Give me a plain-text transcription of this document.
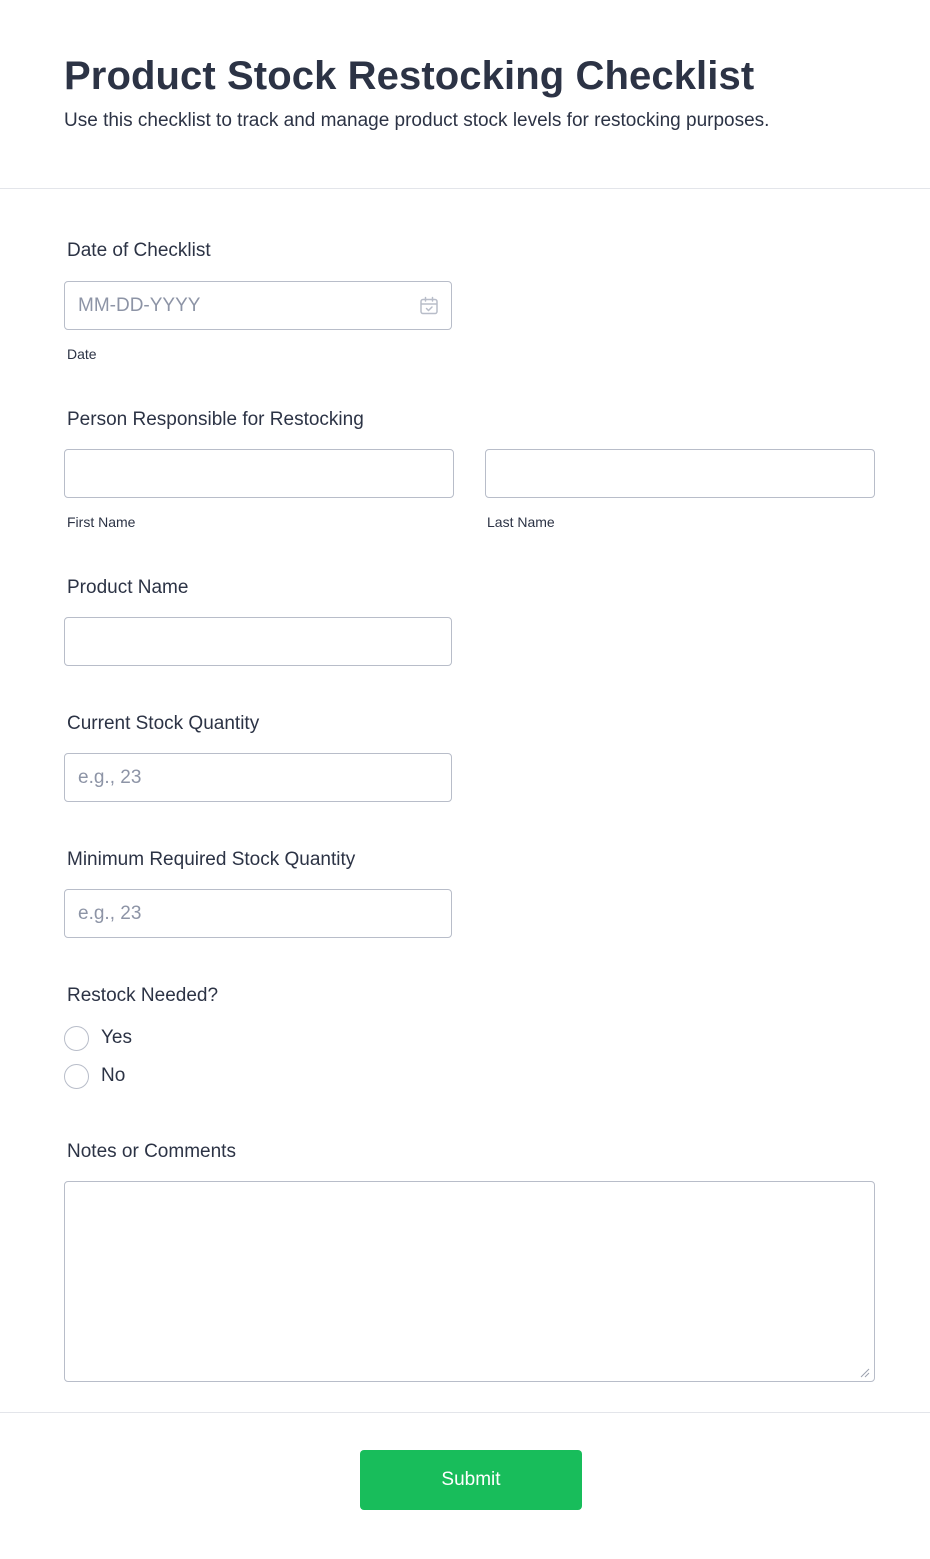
Product Stock Restocking Checklist

Use this checklist to track and manage product stock levels for restocking purposes.

Date of Checklist
MM-DD-YYYY
Date
Person Responsible for Restocking
First Name	Last Name
Product Name
Current Stock Quantity
e.g., 23
Minimum Required Stock Quantity
e.g., 23
Restock Needed?
Yes
No
Notes or Comments
Submit
